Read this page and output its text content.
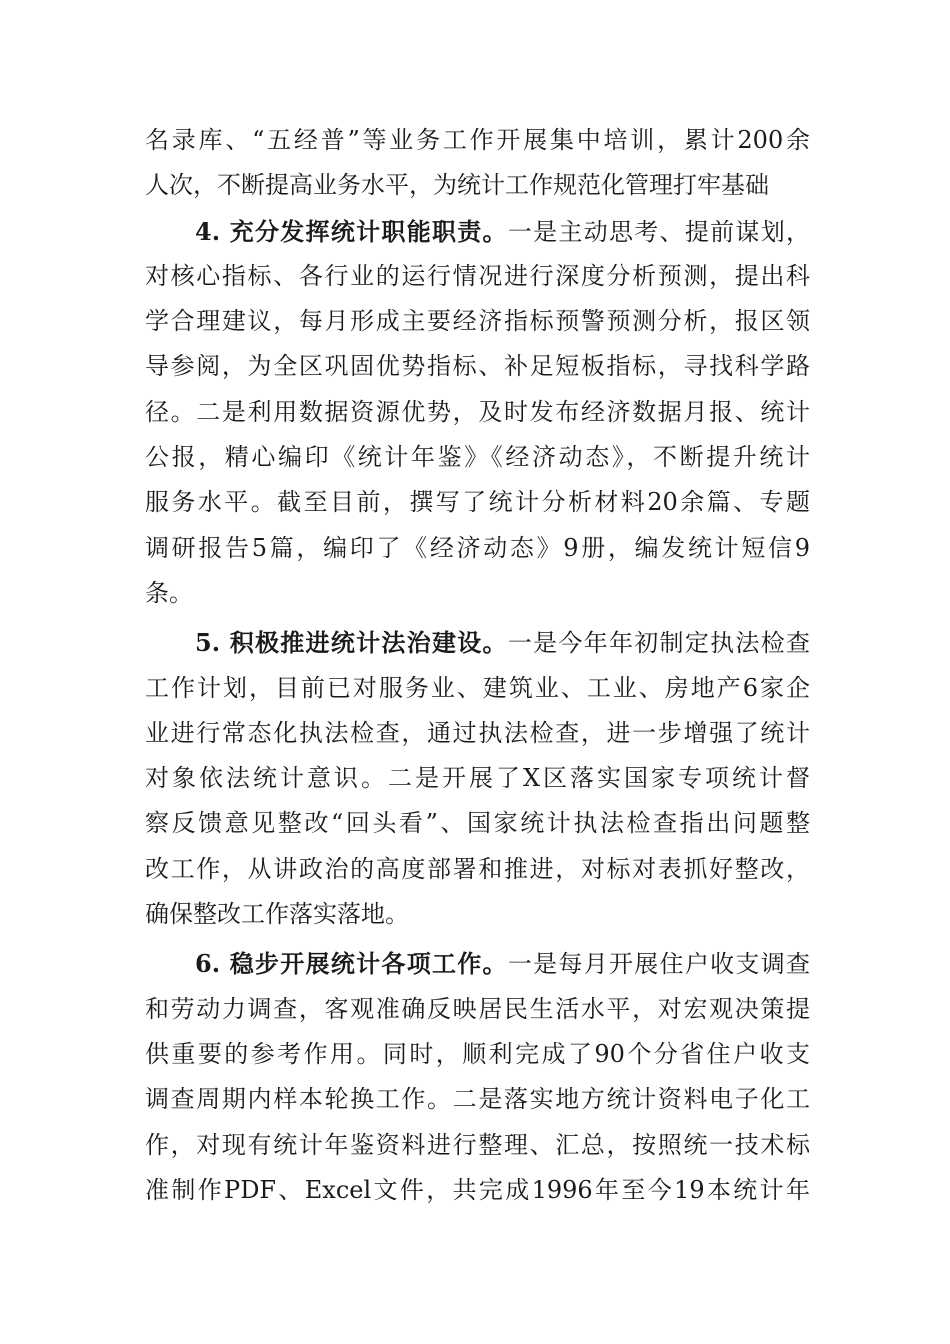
名录库、“五经普”等业务工作开展集中培训，累计200余
人次，不断提高业务水平，为统计工作规范化管理打牢基础
4. 充分发挥统计职能职责。一是主动思考、提前谋划，
对核心指标、各行业的运行情况进行深度分析预测，提出科
学合理建议，每月形成主要经济指标预警预测分析，报区领
导参阅，为全区巩固优势指标、补足短板指标，寻找科学路
径。二是利用数据资源优势，及时发布经济数据月报、统计
公报，精心编印《统计年鉴》《经济动态》，不断提升统计
服务水平。截至目前，撰写了统计分析材料20余篇、专题
调研报告5篇，编印了《经济动态》9册，编发统计短信9
条。
5. 积极推进统计法治建设。一是今年年初制定执法检查
工作计划，目前已对服务业、建筑业、工业、房地产6家企
业进行常态化执法检查，通过执法检查，进一步增强了统计
对象依法统计意识。二是开展了X区落实国家专项统计督
察反馈意见整改“回头看”、国家统计执法检查指出问题整
改工作，从讲政治的高度部署和推进，对标对表抓好整改，
确保整改工作落实落地。
6. 稳步开展统计各项工作。一是每月开展住户收支调查
和劳动力调查，客观准确反映居民生活水平，对宏观决策提
供重要的参考作用。同时，顺利完成了90个分省住户收支
调查周期内样本轮换工作。二是落实地方统计资料电子化工
作，对现有统计年鉴资料进行整理、汇总，按照统一技术标
准制作PDF、Excel文件，共完成1996年至今19本统计年
